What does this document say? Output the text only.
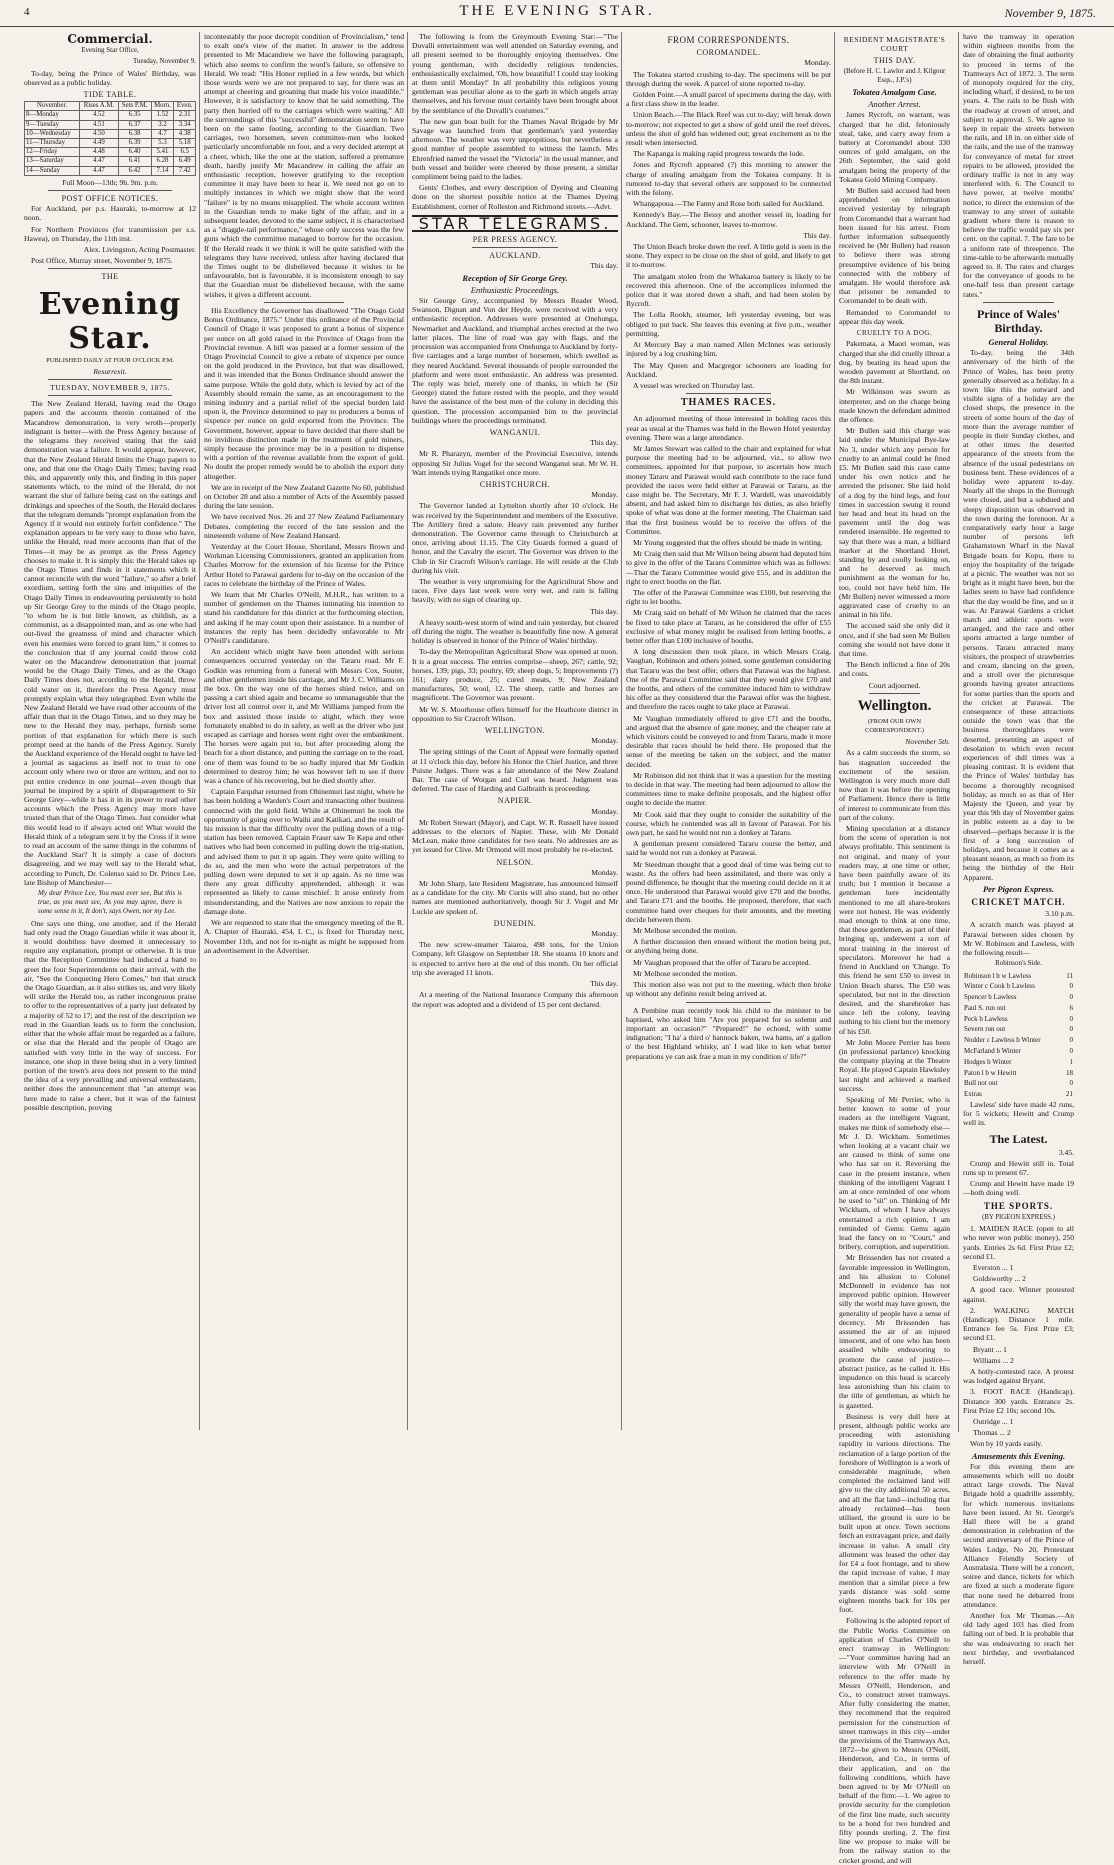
4	THE EVENING STAR.	November 9, 1875.
Commercial.

Evening Star Office,

Tuesday, November 9.

To-day, being the Prince of Wales' Birthday, was observed as a public holiday.

TIDE TABLE.
November.	Rises A.M.	Sets P.M.	Morn.	Even.
8—Monday	4.52	6.35	1.52	2.31
9—Tuesday	4.51	6.37	3.2	3.34
10—Wednesday	4.50	6.38	4.7	4.38
11—Thursday	4.49	6.39	5.3	5.18
12—Friday	4.48	6.40	5.41	6.5
13—Saturday	4.47	6.41	6.28	6.49
14—Sunday	4.47	6.42	7.14	7.42

Full Moon—13th; 9h. 9m. p.m.

POST OFFICE NOTICES.

For Auckland, per p.s. Hauraki, to-morrow at 12 noon.

For Northern Provinces (for transmission per s.s. Hawea), on Thursday, the 11th inst.

Alex. Livingston, Acting Postmaster.

Post Office, Murray street, November 9, 1875.

THE
Evening Star.

PUBLISHED DAILY AT FOUR O'CLOCK P.M.

Resurrexit.

TUESDAY, NOVEMBER 9, 1875.

The New Zealand Herald, having read the Otago papers and the accounts therein contained of the Macandrew demonstration, is very wroth—properly indignant is better—with the Press Agency because of the telegrams they received stating that the said demonstration was a failure. It would appear, however, that the New Zealand Herald limits the Otago papers to one, and that one the Otago Daily Times; having read this, and apparently only this, and finding in this paper statements which, to the mind of the Herald, do not warrant the slur of failure being cast on the eatings and drinkings and speeches of the South, the Herald declares that the telegram demands "prompt explanation from the Agency if it would not entirely forfeit confidence." The explanation appears to be very easy to those who have, unlike the Herald, read more accounts than that of the Times—it may be as prompt as the Press Agency chooses to make it. It is simply this: the Herald takes up the Otago Times and finds in it statements which it cannot reconcile with the word "failure," so after a brief exordium, setting forth the sins and iniquities of the Otago Daily Times in endeavouring persistently to hold up Sir George Grey to the minds of the Otago people, "to whom he is but little known, as childish, as a communist, as a disappointed man, and as one who had out-lived the greatness of mind and character which even his enemies were forced to grant him," it comes to the conclusion that if any journal could throw cold water on the Macandrew demonstration that journal would be the Otago Daily Times, and as the Otago Daily Times does not, according to the Herald, throw cold water on it, therefore the Press Agency must promptly explain what they telegraphed. Even while the New Zealand Herald we have read other accounts of the affair than that in the Otago Times, and so they may be new to the Herald they may, perhaps, furnish some portion of that explanation for which there is such prompt need at the hands of the Press Agency. Surely the Auckland experience of the Herald ought to have led a journal as sagacious as itself not to trust to one account only where two or three are written, and not to put entire credence in one journal—even though that journal be inspired by a spirit of disparagement to Sir George Grey—while it has it in its power to read other accounts which the Press Agency may more have trusted than that of the Otago Times. Just consider what this would lead to if always acted on! What would the Herald think of a telegram sent it by the Cross if it were to read an account of the same things in the columns of the Auckland Star? It is simply a case of doctors disagreeing, and we may well say to the Herald what, according to Punch, Dr. Colenso said to Dr. Prince Lee, late Bishop of Manchester—

My dear Prince Lee, You must ever see, But this is true, as you must see, As you may agree, there is some sense in it, It don't, says Owen, nor my Lee.

One says one thing, one another, and if the Herald had only read the Otago Guardian while it was about it, it would doubtless have deemed it unnecessary to require any explanation, prompt or otherwise. It is true that the Reception Committee had induced a band to greet the four Superintendents on their arrival, with the air, "See the Conquering Hero Comes," but that struck the Otago Guardian, as it also strikes us, and very likely will strike the Herald too, as rather incongruous praise to offer to the representatives of a party just defeated by a majority of 52 to 17; and the rest of the description we read in the Guardian leads us to form the conclusion, either that the whole affair must be regarded as a failure, or else that the Herald and the people of Otago are satisfied with very little in the way of success. For instance, one shop in three being shut in a very limited portion of the town's area does not present to the mind the idea of a very prevailing and universal enthusiasm, neither does the announcement that "an attempt was here made to raise a cheer, but it was of the faintest possible description, proving

incontestably the poor decrepit condition of Provincialism," tend to exalt one's view of the matter. In answer to the address presented to Mr Macandrew we have the following paragraph, which also seems to confirm the word's failure, so offensive to Herald. We read: "His Honor replied in a few words, but which those words were we are not prepared to say, for there was an attempt at cheering and groaning that made his voice inaudible." However, it is satisfactory to know that he said something. The party then hurried off to the carriages which were waiting." All the surroundings of this "successful" demonstration seem to have been on the same footing, according to the Guardian. Two carriages, two horsemen, seven committee-men who looked particularly uncomfortable on foot, and a very decided attempt at a cheer, which, like the one at the station, suffered a premature death, hardly justify Mr Macandrew in calling the affair an enthusiastic reception, however gratifying to the reception committee it may have been to hear it. We need not go on to multiply instances in which we might show that the word "failure" is by no means misapplied. The whole account written in the Guardian tends to make light of the affair, and in a subsequent leader, devoted to the same subject, it is characterised as a "draggle-tail performance," whose only success was the few guns which the committee managed to borrow for the occasion. If the Herald reads it we think it will be quite satisfied with the telegrams they have received, unless after having declared that the Times ought to be disbelieved because it wishes to be unfavourable, but is favourable, it is inconsistent enough to say that the Guardian must be disbelieved because, with the same wishes, it gives a different account.

His Excellency the Governor has disallowed "The Otago Gold Bonus Ordinance, 1875." Under this ordinance of the Provincial Council of Otago it was proposed to grant a bonus of sixpence per ounce on all gold raised in the Province of Otago from the Provincial revenue. A bill was passed at a former session of the Otago Provincial Council to give a rebate of sixpence per ounce on the gold produced in the Province, but that was disallowed, and it was intended that the Bonus Ordinance should answer the same purpose. While the gold duty, which is levied by act of the Assembly should remain the same, as an encouragement to the mining industry and a partial relief of the special burden laid upon it, the Province determined to pay to producers a bonus of sixpence per ounce on gold exported from the Province. The Government, however, appear to have decided that there shall be no invidious distinction made in the treatment of gold miners, simply because the province may be in a position to dispense with a portion of the revenue available from the export of gold. No doubt the proper remedy would be to abolish the export duty altogether.

We are in receipt of the New Zealand Gazette No 60, published on October 28 and also a number of Acts of the Assembly passed during the late session.

We have received Nos. 26 and 27 New Zealand Parliamentary Debates, completing the record of the late session and the nineteenth volume of New Zealand Hansard.

Yesterday at the Court House, Shortland, Messrs Brown and Workman Licensing Commissioners, granted an application from Charles Morrow for the extension of his license for the Prince Arthur Hotel to Parawai gardens for to-day on the occasion of the races to celebrate the birthday of the Prince of Wales.

We learn that Mr Charles O'Neill, M.H.R., has written to a number of gentlemen on the Thames intimating his intention to stand his candidature for this district at the forthcoming election, and asking if he may count upon their assistance. In a number of instances the reply has been decidedly unfavorable to Mr O'Neill's candidature.

An accident which might have been attended with serious consequences occurred yesterday on the Tararu road. Mr F. Godkin was returning from a funeral with Messrs Cox, Souter, and other gentlemen inside his carriage, and Mr J. C. Williams on the box. On the way one of the horses shied twice, and on passing a cart shied again and became so unmanageable that the driver lost all control over it, and Mr Williams jumped from the box and assisted those inside to alight, which they were fortunately enabled to do in safety, as well as the driver who just escaped as carriage and horses went right over the embankment. The horses were again put to, but after proceeding along the beach for a short distance, and putting the carriage on to the road, one of them was found to be so badly injured that Mr Godkin determined to destroy him; he was however left to see if there was a chance of his recovering, but he died shortly after.

Captain Farquhar returned from Ohinemuri last night, where he has been holding a Warden's Court and transacting other business connected with the gold field. While at Ohinemuri he took the opportunity of going over to Waihi and Katikati, and the result of his mission is that the difficulty over the pulling down of a trig-station has been removed. Captain Fraser saw Te Kepa and other natives who had been concerned in pulling down the trig-station, and advised them to put it up again. They were quite willing to do so, and the men who were the actual perpetrators of the pulling down were deputed to set it up again. As no time was there any great difficulty apprehended, although it was represented as likely to cause mischief. It arose entirely from misunderstanding, and the Natives are now anxious to repair the damage done.

We are requested to state that the emergency meeting of the R. A. Chapter of Hauraki, 454, I. C., is fixed for Thursday next, November 11th, and not for to-night as might be supposed from an advertisement in the Advertiser.

The following is from the Greymouth Evening Star:—"The Duvalli entertainment was well attended on Saturday evening, and all present seemed to be thoroughly enjoying themselves. One young gentleman, with decidedly religious tendencies, enthusiastically exclaimed, 'Oh, how beautiful! I could stay looking at them until Monday!' In all probability this religious young gentleman was peculiar alone as to the garb in which angels array themselves, and his fervour must certainly have been brought about by the semblance of the Duvalli's costumes."

The new gun boat built for the Thames Naval Brigade by Mr Savage was launched from that gentleman's yard yesterday afternoon. The weather was very unpropitious, but nevertheless a good number of people assembled to witness the launch. Mrs Ehrenfried named the vessel the "Victoria" in the usual manner, and both vessel and builder were cheered by those present, a similar compliment being paid to the ladies.

Gents' Clothes, and every description of Dyeing and Cleaning done on the shortest possible notice at the Thames Dyeing Establishment, corner of Rolleston and Richmond streets.—Advt.

STAR TELEGRAMS.
PER PRESS AGENCY.
AUCKLAND.

This day.

Reception of Sir George Grey.
Enthusiastic Proceedings.

Sir George Grey, accompanied by Messrs Reader Wood, Swanson, Dignan and Von der Heyde, were received with a very enthusiastic reception. Addresses were presented at Onehunga, Newmarket and Auckland, and triumphal arches erected at the two latter places. The line of road was gay with flags, and the procession was accompanied from Onehunga to Auckland by forty-five carriages and a large number of horsemen, which swelled as they neared Auckland. Several thousands of people surrounded the platform and were most enthusiastic. An address was presented. The reply was brief, merely one of thanks, in which he (Sir George) stated the future rested with the people, and they would have the assistance of the best men of the colony in deciding this question. The procession accompanied him to the provincial buildings where the proceedings terminated.

WANGANUI.

This day.

Mr R. Pharazyn, member of the Provincial Executive, intends opposing Sir Julius Vogel for the second Wanganui seat. Mr W. H. Watt intends trying Rangatikei once more.

CHRISTCHURCH.

Monday.

The Governor landed at Lyttelton shortly after 10 o'clock. He was received by the Superintendent and members of the Executive. The Artillery fired a salute. Heavy rain prevented any further demonstration. The Governor came through to Christchurch at once, arriving about 11.15. The City Guards formed a guard of honor, and the Cavalry the escort. The Governor was driven to the Club in Sir Cracroft Wilson's carriage. He will reside at the Club during his visit.

The weather is very unpromising for the Agricultural Show and races. Five days last week were very wet, and rain is falling heavily, with no sign of clearing up.

This day.

A heavy south-west storm of wind and rain yesterday, but cleared off during the night. The weather is beautifully fine now. A general holiday is observed in honor of the Prince of Wales' birthday.

To-day the Metropolitan Agricultural Show was opened at noon. It is a great success. The entries comprise—sheep, 267; cattle, 92; horses, 139; pigs, 33; poultry, 69; sheep dogs, 5; Improvements (?) 161; dairy produce, 25; cured meats, 9; New Zealand manufactures, 50; wool, 12. The sheep, cattle and horses are magnificent. The Governor was present.

Mr W. S. Moorhouse offers himself for the Heathcote district in opposition to Sir Cracroft Wilson.

WELLINGTON.

Monday.

The spring sittings of the Court of Appeal were formally opened at 11 o'clock this day, before his Honor the Chief Justice, and three Puisne Judges. There was a fair attendance of the New Zealand Bar. The case of Worgan and Curl was heard. Judgment was deferred. The case of Harding and Galbraith is proceeding.

NAPIER.

Monday.

Mr Robert Stewart (Mayor), and Capt. W. R. Russell have issued addresses to the electors of Napier. These, with Mr Donald McLean, make three candidates for two seats. No addresses are as yet issued for Clive. Mr Ormond will most probably be re-elected.

NELSON.

Monday.

Mr John Sharp, late Resident Magistrate, has announced himself as a candidate for the city. Mr Curtis will also stand, but no other names are mentioned authoritatively, though Sir J. Vogel and Mr Luckie are spoken of.

DUNEDIN.

Monday.

The new screw-steamer Taiaroa, 498 tons, for the Union Company, left Glasgow on September 18. She steams 10 knots and is expected to arrive here at the end of this month. On her official trip she averaged 11 knots.

This day.

At a meeting of the National Insurance Company this afternoon the report was adopted and a dividend of 15 per cent declared.

FROM CORRESPONDENTS.
COROMANDEL.

Monday.

The Tokatea started crushing to-day. The specimens will be put through during the week. A parcel of stone reported to-day.

Golden Point.—A small parcel of specimens during the day, with a first class show in the leader.

Union Beach.—The Black Reef was cut to-day; will break down to-morrow; not expected to get a show of gold until the reef drives, unless the shot of gold has widened out; great excitement as to the result when intersected.

The Kapanga is making rapid progress towards the lode.

Jones and Rycroft appeared (?) this morning to answer the charge of stealing amalgam from the Tokatea company. It is rumored to-day that several others are supposed to be connected with the felony.

Whangapoua.—The Fanny and Rose both sailed for Auckland.

Kennedy's Bay.—The Bessy and another vessel in, loading for Auckland. The Gem, schooner, leaves to-morrow.

This day.

The Union Beach broke down the reef. A little gold is seen in the stone. They expect to be close on the shot of gold, and likely to get it to-morrow.

The amalgam stolen from the Whakaroa battery is likely to be recovered this afternoon. One of the accomplices informed the police that it was stored down a shaft, and had been stolen by Rycroft.

The Lolla Rookh, steamer, left yesterday evening, but was obliged to put back. She leaves this evening at five p.m., weather permitting.

At Mercury Bay a man named Allen McInnes was seriously injured by a log crushing him.

The May Queen and Macgregor schooners are loading for Auckland.

A vessel was wrecked on Thursday last.

THAMES RACES.

An adjourned meeting of those interested in holding races this year as usual at the Thames was held in the Bowen Hotel yesterday evening. There was a large attendance.

Mr James Stewart was called to the chair and explained for what purpose the meeting had to be adjourned, viz., to allow two committees, appointed for that purpose, to ascertain how much money Tararu and Parawai would each contribute to the race fund provided the races were held either at Parawai or Tararu, as the case might be. The Secretary, Mr F. J. Wardell, was unavoidably absent, and had asked him to discharge his duties, as also briefly spoke of what was done at the former meeting. The Chairman said that the first business would be to receive the offers of the Committee.

Mr Young suggested that the offers should be made in writing.

Mr Craig then said that Mr Wilson being absent had deputed him to give in the offer of the Tararu Committee which was as follows:—That the Tararu Committee would give £55, and in addition the right to erect booths on the flat.

The offer of the Parawai Committee was £100, but reserving the right to let booths.

Mr Craig said on behalf of Mr Wilson he claimed that the races be fixed to take place at Tararu, as he considered the offer of £55 exclusive of what money might be realised from letting booths, a better offer than £100 inclusive of booths.

A long discussion then took place, in which Messrs Craig, Vaughan, Robinson and others joined, some gentlemen considering that Tararu was the best offer, others that Parawai was the highest. One of the Parawai Committee said that they would give £70 and the booths, and others of the committee induced him to withdraw his offer as they considered that the Parawai offer was the highest, and therefore the races ought to take place at Parawai.

Mr Vaughan immediately offered to give £71 and the booths, and argued that the absence of gate money, and the cheaper rate at which visitors could be conveyed to and from Tararu, made it more desirable that races should be held there. He proposed that the sense of the meeting be taken on the subject, and the matter decided.

Mr Robinson did not think that it was a question for the meeting to decide in that way. The meeting had been adjourned to allow the committees time to make definite proposals, and the highest offer ought to decide the matter.

Mr Cook said that they ought to consider the suitability of the course, which he contended was all in favour of Parawai. For his own part, he said he would not run a donkey at Tararu.

A gentleman present considered Tararu course the better, and said he would not run a donkey at Parawai.

Mr Steedman thought that a good deal of time was being cut to waste. As the offers had been assimilated, and there was only a pound difference, he thought that the meeting could decide on it at once. He understood that Parawai would give £70 and the booths, and Tararu £71 and the booths. He proposed, therefore, that each committee hand over cheques for their amounts, and the meeting decide between them.

Mr Melhose seconded the motion.

A further discussion then ensued without the motion being put, or anything being done.

Mr Vaughan proposed that the offer of Tararu be accepted.

Mr Melhose seconded the motion.

This motion also was not put to the meeting, which then broke up without any definite result being arrived at.

A Pembine man recently took his child to the minister to be baptised, who asked him "Are you prepared for so solemn and important an occasion?" "Prepared!" he echoed, with some indignation; "I ha' a third o' bannock baken, twa hams, an' a gallon o' the best Highland whisky, an' I wad like to ken what better preparations ye can ask frae a man in my condition o' life?"

RESIDENT MAGISTRATE'S COURT
THIS DAY.

(Before H. C. Lawlor and J. Kilgour Esqs., J.P.'s)

Tokatea Amalgam Case.
Another Arrest.

James Rycroft, on warrant, was charged that he did, feloniously steal, take, and carry away from a battery at Coromandel about 330 ounces of gold amalgam, on the 26th September, the said gold amalgam being the property of the Tokatea Gold Mining Company.

Mr Bullen said accused had been apprehended on information received yesterday by telegraph from Coromandel that a warrant had been issued for his arrest. From further information subsequently received he (Mr Bullen) had reason to believe there was strong presumptive evidence of his being connected with the robbery of amalgam. He would therefore ask that prisoner be remanded to Coromandel to be dealt with.

Remanded to Coromandel to appear this day week.

CRUELTY TO A DOG.

Pakemata, a Maori woman, was charged that she did cruelly illtreat a dog, by beating its head upon the wooden pavement at Shortland, on the 8th instant.

Mr Wilkinson was sworn as interpreter, and on the charge being made known the defendant admitted the offence.

Mr Bullen said this charge was laid under the Municipal Bye-law No 3, under which any person for cruelty to an animal could be fined £5. Mr Bullen said this case came under his own notice and he arrested the prisoner. She laid hold of a dog by the hind legs, and four times in succession swung it round her head and beat its head on the pavement until the dog was rendered insensible. He regretted to say that there was a man, a billiard marker at the Shortland Hotel, standing by and coolly looking on, and he deserved as much punishment as the woman for he, too, could not have held him. He (Mr Bullen) never witnessed a more aggravated case of cruelty to an animal in his life.

The accused said she only did it once, and if she had seen Mr Bullen coming she would not have done it that time.

The Bench inflicted a fine of 20s and costs.

Court adjourned.

Wellington.

(FROM OUR OWN CORRESPONDENT.)

November 5th.

As a calm succeeds the storm, so has stagnation succeeded the excitement of the session. Wellington is very much more dull now than it was before the opening of Parliament. Hence there is little of interest to communicate from this part of the colony.

Mining speculation at a distance from the scene of operation is not always profitable. This sentiment is not original, and many of your readers may, at one time or other, have been painfully aware of its truth; but I mention it because a gentleman here incidentally mentioned to me all share-brokers were not honest. He was evidently mad enough to think at one time, that these gentlemen, as part of their bringing up, underwent a sort of moral training in the interest of speculators. Moreover he had a friend in Auckland on 'Change. To this friend he sent £50 to invest in Union Beach shares. The £50 was speculated, but not in the direction desired, and the sharebroker has since left the colony, leaving nothing to his client but the memory of his £50.

Mr John Moore Perrier has been (in professional parlance) knocking the company playing at the Theatre Royal. He played Captain Hawksley last night and achieved a marked success.

Speaking of Mr Perrier, who is better known to some of your readers as the intelligent Vagrant, makes me think of somebody else—Mr J. D. Wickham. Sometimes when looking at a vacant chair we are caused to think of some one who has sat on it. Reversing the case in the present instance, when thinking of the intelligent Vagrant I am at once reminded of one whom he used to "sit" on. Thinking of Mr Wickham, of whom I have always entertained a rich opinion, I am reminded of Gems: Gems again lead the fancy on to "Court," and bribery, corruption, and superstition.

Mr Brissenden has not created a favorable impression in Wellington, and his allusion to Colonel McDonnell in evidence has not improved public opinion. However silly the world may have grown, the generality of people have a sense of decency. Mr Brissenden has assumed the air of an injured innocent, and of one who has been assailed while endeavoring to promote the cause of justice—abstract justice, as he called it. His impudence on this head is scarcely less astonishing than his claim to the title of gentleman, as which he is gazetted.

Business is very dull here at present, although public works are proceeding with astonishing rapidity in various directions. The reclamation of a large portion of the foreshore of Wellington is a work of considerable magnitude, when completed the reclaimed land will give to the city additional 50 acres, and all the flat land—including that already reclaimed—has been utilised, the ground is sure to be built upon at once. Town sections fetch an extravagant price, and daily increase in value. A small city allotment was leased the other day for £4 a foot frontage, and to show the rapid increase of value, I may mention that a similar piece a few yards distance was sold some eighteen months back for 10s per foot.

Following is the adopted report of the Public Works Committee on application of Charles O'Neill to erect tramway in Wellington:—"Your committee having had an interview with Mr O'Neill in reference to the offer made by Messrs O'Neill, Henderson, and Co., to construct street tramways. After fully considering the matter, they recommend that the required permission for the construction of street tramways in this city—under the provisions of the Tramways Act, 1872—be given to Messrs O'Neill, Henderson, and Co., in terms of their application, and on the following conditions, which have been agreed to by Mr O'Neill on behalf of the firm:—1. We agree to provide security for the completion of the first line made, such security to be a bond for two hundred and fifty pounds sterling. 2. The first line we propose to make will be from the railway station to the cricket ground, and will

have the tramway in operation within eighteen months from the date of obtaining the final authority to proceed in terms of the Tramways Act of 1872. 3. The term of monopoly required for the city, including wharf, if desired, to be ten years. 4. The rails to be flush with the roadway at crown of street, and subject to approval. 5. We agree to keep in repair the streets between the rails, and 18 in. on either side of the rails, and the use of the tramway for conveyance of metal for street repairs to be allowed, provided the ordinary traffic is not in any way interfered with. 6. The Council to have power, at twelve months' notice, to direct the extension of the tramway to any street of suitable gradient where there is reason to believe the traffic would pay six per cent. on the capital. 7. The fare to be a uniform rate of threepence. The time-table to be afterwards mutually agreed to. 8. The rates and charges for the conveyance of goods to be one-half less than present cartage rates."

Prince of Wales' Birthday.
General Holiday.

To-day, being the 34th anniversary of the birth of the Prince of Wales, has been pretty generally observed as a holiday. In a town like this the outward and visible signs of a holiday are the closed shops, the presence in the streets of some hours of the day of more than the average number of people in their Sunday clothes, and at other times the deserted appearance of the streets from the absence of the usual pedestrians on business bent. These evidences of a holiday were apparent to-day. Nearly all the shops in the Borough were closed, and but a subdued and sleepy disposition was observed in the town during the forenoon. At a comparatively early hour a large number of persons left Grahamstown Wharf in the Naval Brigade boats for Kopu, there to enjoy the hospitality of the brigade at a picnic. The weather was not so bright as it might have been, but the ladies seem to have had confidence that the day would be fine, and so it was. At Parawai Gardens a cricket match and athletic sports were arranged, and the race and other sports attracted a large number of persons. Tararu attracted many visitors, the prospect of strawberries and cream, dancing on the green, and a stroll over the picturesque grounds having greater attractions for some parties than the sports and the cricket at Parawai. The consequence of these attractions outside the town was that the business thoroughfares were deserted, presenting an aspect of desolation to which even recent experiences of dull times was a pleasing contrast. It is evident that the Prince of Wales' birthday has become a thoroughly recognised holiday, as much so as that of Her Majesty the Queen, and year by year this 9th day of November gains in public esteem as a day to be observed—perhaps because it is the first of a long succession of holidays, and because it comes as a pleasant season, as much so from its being the birthday of the Heir Apparent.

Per Pigeon Express.
CRICKET MATCH.

3.10 p.m.

A scratch match was played at Parawai between sides chosen by Mr W. Robinson and Lawless, with the following result—

Robinson's Side.

Robinson l b w Lawless	11
Winter c Cook b Lawless	0
Spencer b Lawless	0
Paul S. run out	6
Peck b Lawless	0
Severn run out	0
Nodder c Lawless b Winter	0
McFarland b Winter	0
Hodges b Winter	1
Paton l b w Hewitt	18
Bull not out	0
Extras	21

Lawless' side have made 42 runs, for 5 wickets; Hewitt and Crump well in.

The Latest.

3.45.

Crump and Hewitt still in. Total runs up to present 67.

Crump and Hewitt have made 19—both doing well.

THE SPORTS.

(BY PIGEON EXPRESS.)

1. MAIDEN RACE (open to all who never won public money), 250 yards. Entries 2s 6d. First Prize £2; second £1.

Everston ... 1

Goldsworthy ... 2

A good race. Winner protested against.

2. WALKING MATCH (Handicap). Distance 1 mile. Entrance fee 5s. First Prize £3; second £1.

Bryant ... 1

Williams ... 2

A hotly-contested race. A protest was lodged against Bryant.

3. FOOT RACE (Handicap). Distance 300 yards. Entrance 2s. First Prize £2 10s; second 10s.

Outridge ... 1

Thomas ... 2

Won by 10 yards easily.

Amusements this Evening.

For this evening there are amusements which will no doubt attract large crowds. The Naval Brigade hold a quadrille assembly, for which numerous invitations have been issued. At St. George's Hall there will be a grand demonstration in celebration of the second anniversary of the Prince of Wales Lodge, No 20, Protestant Alliance Friendly Society of Australasia. There will be a concert, soiree and dance, tickets for which are fixed at such a moderate figure that none need be debarred from attendance.

Another fox Mr Thomas.—An old lady aged 103 has died from falling out of bed. It is probable that she was endeavoring to reach her next birthday, and overbalanced herself.
